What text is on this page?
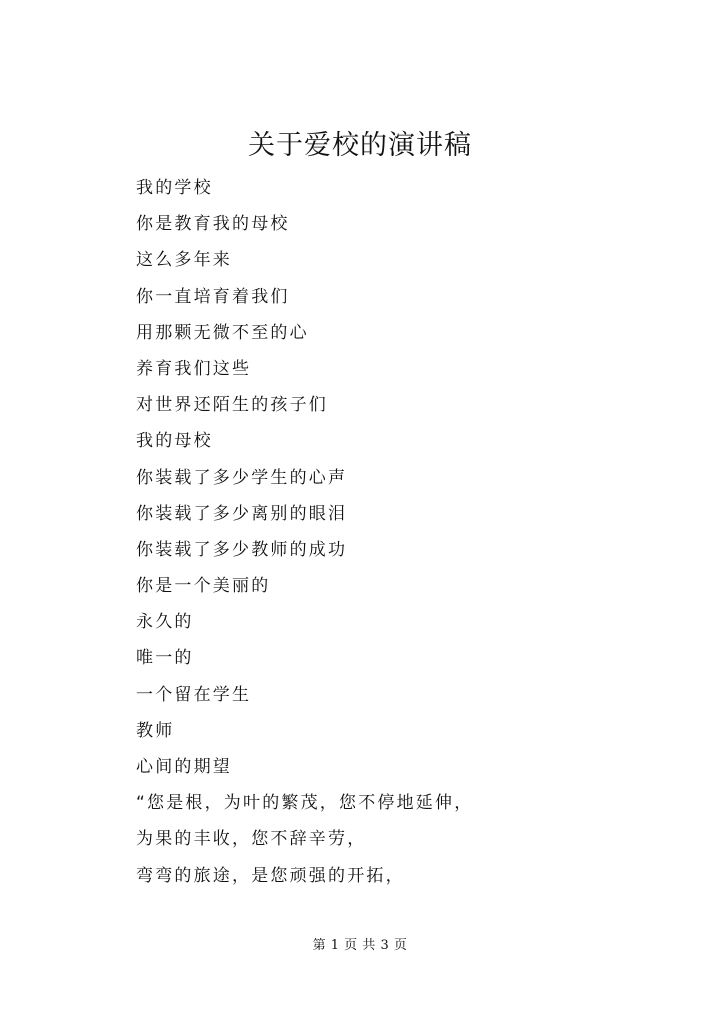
关于爱校的演讲稿
我的学校
你是教育我的母校
这么多年来
你一直培育着我们
用那颗无微不至的心
养育我们这些
对世界还陌生的孩子们
我的母校
你装载了多少学生的心声
你装载了多少离别的眼泪
你装载了多少教师的成功
你是一个美丽的
永久的
唯一的
一个留在学生
教师
心间的期望
“您是根，为叶的繁茂，您不停地延伸，
为果的丰收，您不辞辛劳，
弯弯的旅途，是您顽强的开拓，
第 1 页 共 3 页
